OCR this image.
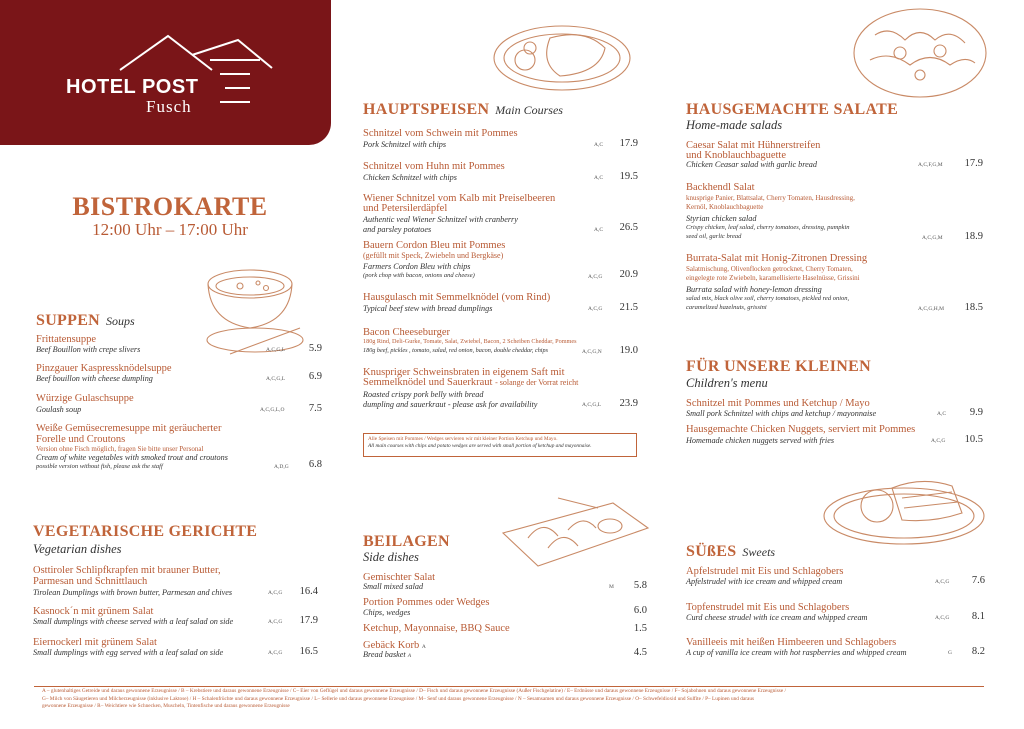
HOTEL POST
Fusch
BISTROKARTE
12:00 Uhr – 17:00 Uhr
SUPPEN Soups
Frittatensuppe
Beef Bouillon with crepe slivers	A,C,G,L	5.9
Pinzgauer Kaspressknödelsuppe
Beef bouillon with cheese dumpling	A,C,G,L	6.9
Würzige Gulaschsuppe
Goulash soup	A,C,G,L,O	7.5
Weiße Gemüsecremesuppe mit geräucherter
Forelle und Croutons
Version ohne Fisch möglich, fragen Sie bitte unser Personal
Cream of white vegetables with smoked trout and croutons
possible version without fish, please ask the staff	A,D,G	6.8
VEGETARISCHE GERICHTE
Vegetarian dishes
Osttiroler Schlipfkrapfen mit brauner Butter,
Parmesan und Schnittlauch
Tirolean Dumplings with brown butter, Parmesan and chives	A,C,G	16.4
Kasnock´n mit grünem Salat
Small dumplings with cheese served with a leaf salad on side	A,C,G	17.9
Eiernockerl mit grünem Salat
Small dumplings with egg served with a leaf salad on side	A,C,G	16.5
HAUPTSPEISEN Main Courses
Schnitzel vom Schwein mit Pommes
Pork Schnitzel with chips	A,C	17.9
Schnitzel vom Huhn mit Pommes
Chicken Schnitzel with chips	A,C	19.5
Wiener Schnitzel vom Kalb mit Preiselbeeren
und Petersilerdäpfel
Authentic veal Wiener Schnitzel with cranberry
and parsley potatoes	A,C	26.5
Bauern Cordon Bleu mit Pommes
(gefüllt mit Speck, Zwiebeln und Bergkäse)
Farmers Cordon Bleu with chips
(pork chop with bacon, onions and cheese)	A,C,G	20.9
Hausgulasch mit Semmelknödel (vom Rind)
Typical beef stew with bread dumplings	A,C,G	21.5
Bacon Cheeseburger
180g Rind, Deli-Gurke, Tomate, Salat, Zwiebel, Bacon, 2 Scheiben Cheddar, Pommes
180g beef, pickles , tomato, salad, red onion, bacon, double cheddar, chips	A,C,G,N	19.0
Knuspriger Schweinsbraten in eigenem Saft mit
Semmelknödel und Sauerkraut - solange der Vorrat reicht
Roasted crispy pork belly with bread
dumpling and sauerkraut - please ask for availability	A,C,G,L	23.9
Alle Speisen mit Pommes / Wedges servieren wir mit kleiner Portion Ketchup und Mayo.
All main courses with chips and potato wedges are served with small portion of ketchup and mayonnaise.
BEILAGEN
Side dishes
Gemischter Salat
Small mixed salad	M	5.8
Portion Pommes oder Wedges
Chips, wedges	6.0
Ketchup, Mayonnaise, BBQ Sauce	1.5
Gebäck Korb A
Bread basket A	4.5
HAUSGEMACHTE SALATE
Home-made salads
Caesar Salat mit Hühnerstreifen
und Knoblauchbaguette
Chicken Ceasar salad with garlic bread	A,C,F,G,M	17.9
Backhendl Salat
knusprige Panier, Blattsalat, Cherry Tomaten, Hausdressing,
Kernöl, Knoblauchbaguette
Styrian chicken salad
Crispy chicken, leaf salad, cherry tomatoes, dressing, pumpkin
seed oil, garlic bread	A,C,G,M	18.9
Burrata-Salat mit Honig-Zitronen Dressing
Salatmischung, Olivenflocken getrocknet, Cherry Tomaten,
eingelegte rote Zwiebeln, karamellisierte Haselnüsse, Grissini
Burrata salad with honey-lemon dressing
salad mix, black olive soil, cherry tomatoes, pickled red onion,
caramelized hazelnuts, grissini	A,C,G,H,M	18.5
FÜR UNSERE KLEINEN
Children's menu
Schnitzel mit Pommes und Ketchup / Mayo
Small pork Schnitzel with chips and ketchup / mayonnaise	A,C	9.9
Hausgemachte Chicken Nuggets, serviert mit Pommes
Homemade chicken nuggets served with fries	A,C,G	10.5
SÜßES Sweets
Apfelstrudel mit Eis und Schlagobers
Apfelstrudel with ice cream and whipped cream	A,C,G	7.6
Topfenstrudel mit Eis und Schlagobers
Curd cheese strudel with ice cream and whipped cream	A,C,G	8.1
Vanilleeis mit heißen Himbeeren und Schlagobers
A cup of vanilla ice cream with hot raspberries and whipped cream	G	8.2
A – glutenhaltiges Getreide und daraus gewonnene Erzeugnisse / B – Krebstiere und daraus gewonnene Erzeugnisse / C– Eier von Geflügel und daraus gewonnene Erzeugnisse / D– Fisch und daraus gewonnene Erzeugnisse (Außer Fischgelatine) / E– Erdnüsse und daraus gewonnene Erzeugnisse / F– Sojabohnen und daraus gewonnene Erzeugnisse /
G– Milch von Säugetieren und Milcherzeugnisse (inklusive Laktose) / H – Schalenfrüchte und daraus gewonnene Erzeugnisse / L– Sellerie und daraus gewonnene Erzeugnisse / M– Senf und daraus gewonnene Erzeugnisse / N – Sesamsamen und daraus gewonnene Erzeugnisse / O– Schwefeldioxid und Sulfite / P– Lupinen und daraus
gewonnene Erzeugnisse / R– Weichtiere wie Schnecken, Muscheln, Tintenfische und daraus gewonnene Erzeugnisse
